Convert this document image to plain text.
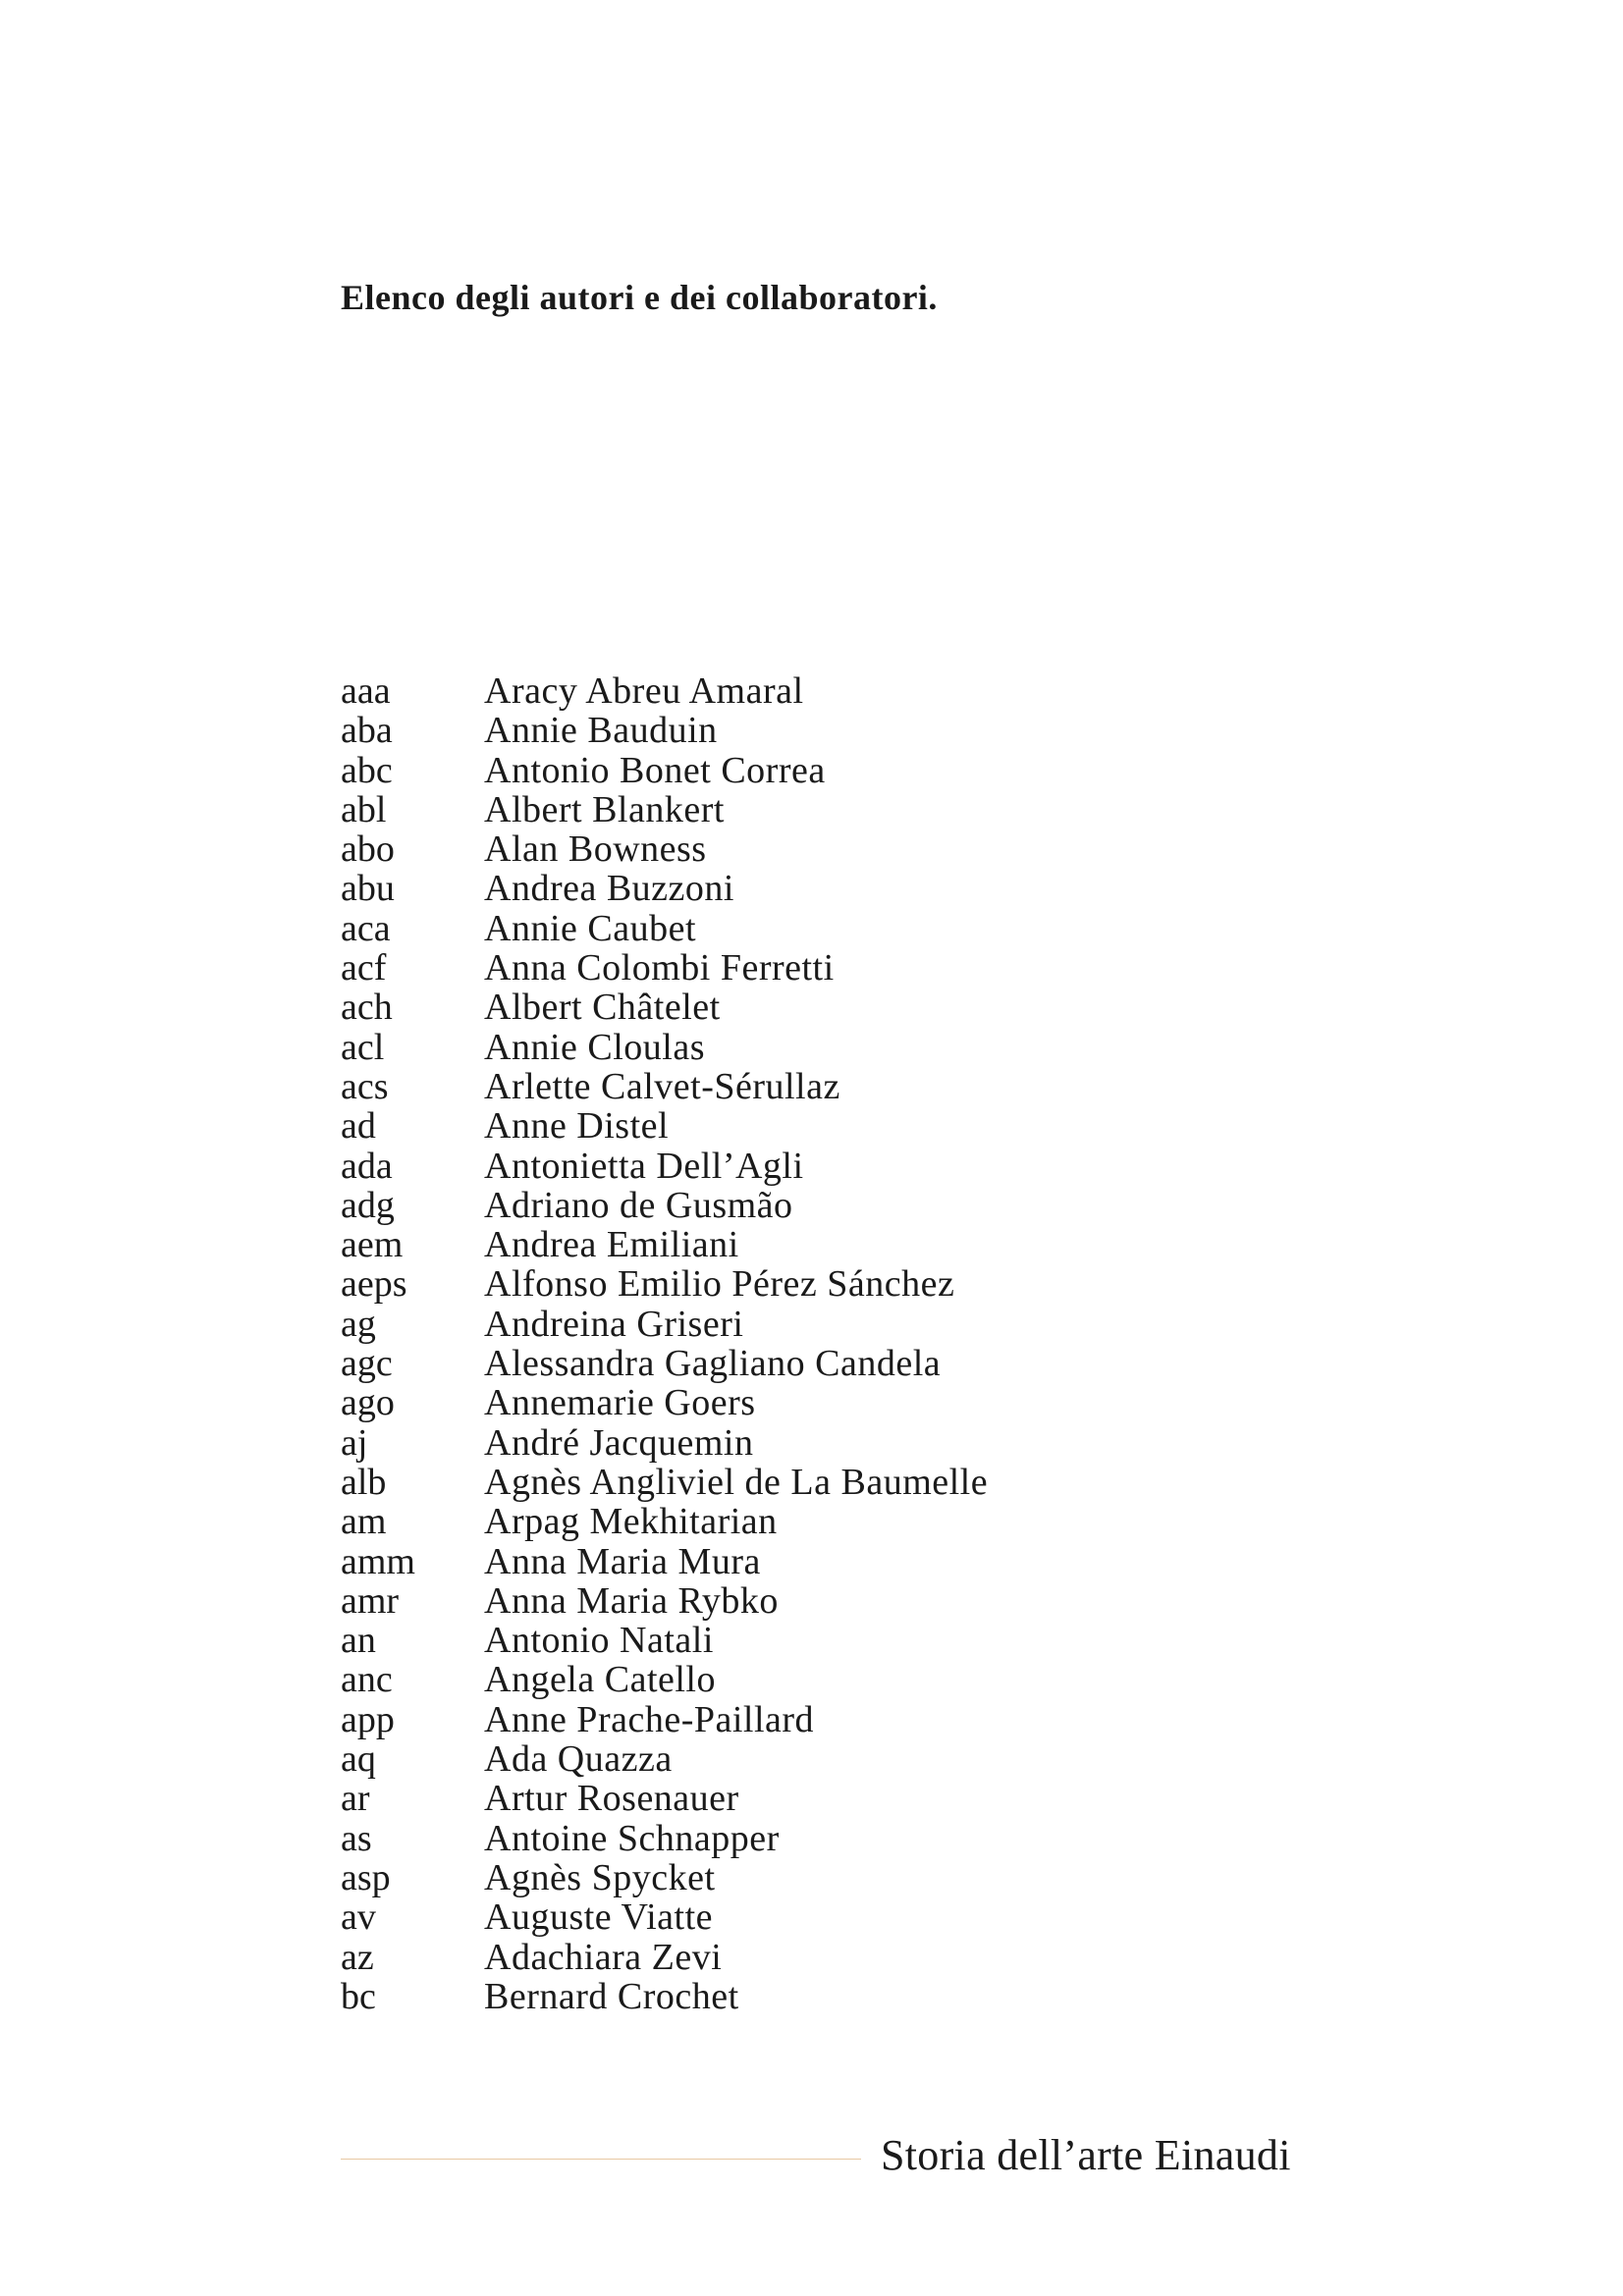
Elenco degli autori e dei collaboratori.
aaa	Aracy Abreu Amaral
aba Annie Bauduin
abc Antonio Bonet Correa
abl	Albert Blankert
abo Alan Bowness
abu Andrea Buzzoni
aca	Annie Caubet
acf	Anna Colombi Ferretti
ach Albert Châtelet
acl	Annie Cloulas
acs	Arlette Calvet-Sérullaz
ad	Anne Distel
ada Antonietta Dell’Agli
adg Adriano de Gusmão
aem Andrea Emiliani
aeps Alfonso Emilio Pérez Sánchez
ag	Andreina Griseri
agc Alessandra Gagliano Candela
ago Annemarie Goers
aj	André Jacquemin
alb	Agnès Angliviel de La Baumelle
am	Arpag Mekhitarian
amm Anna Maria Mura
amr Anna Maria Rybko
an	Antonio Natali
anc Angela Catello
app Anne Prache-Paillard
aq	Ada Quazza
ar	Artur Rosenauer
as	Antoine Schnapper
asp	Agnès Spycket
av	Auguste Viatte
az	Adachiara Zevi
bc	Bernard Crochet
Storia dell’arte Einaudi
